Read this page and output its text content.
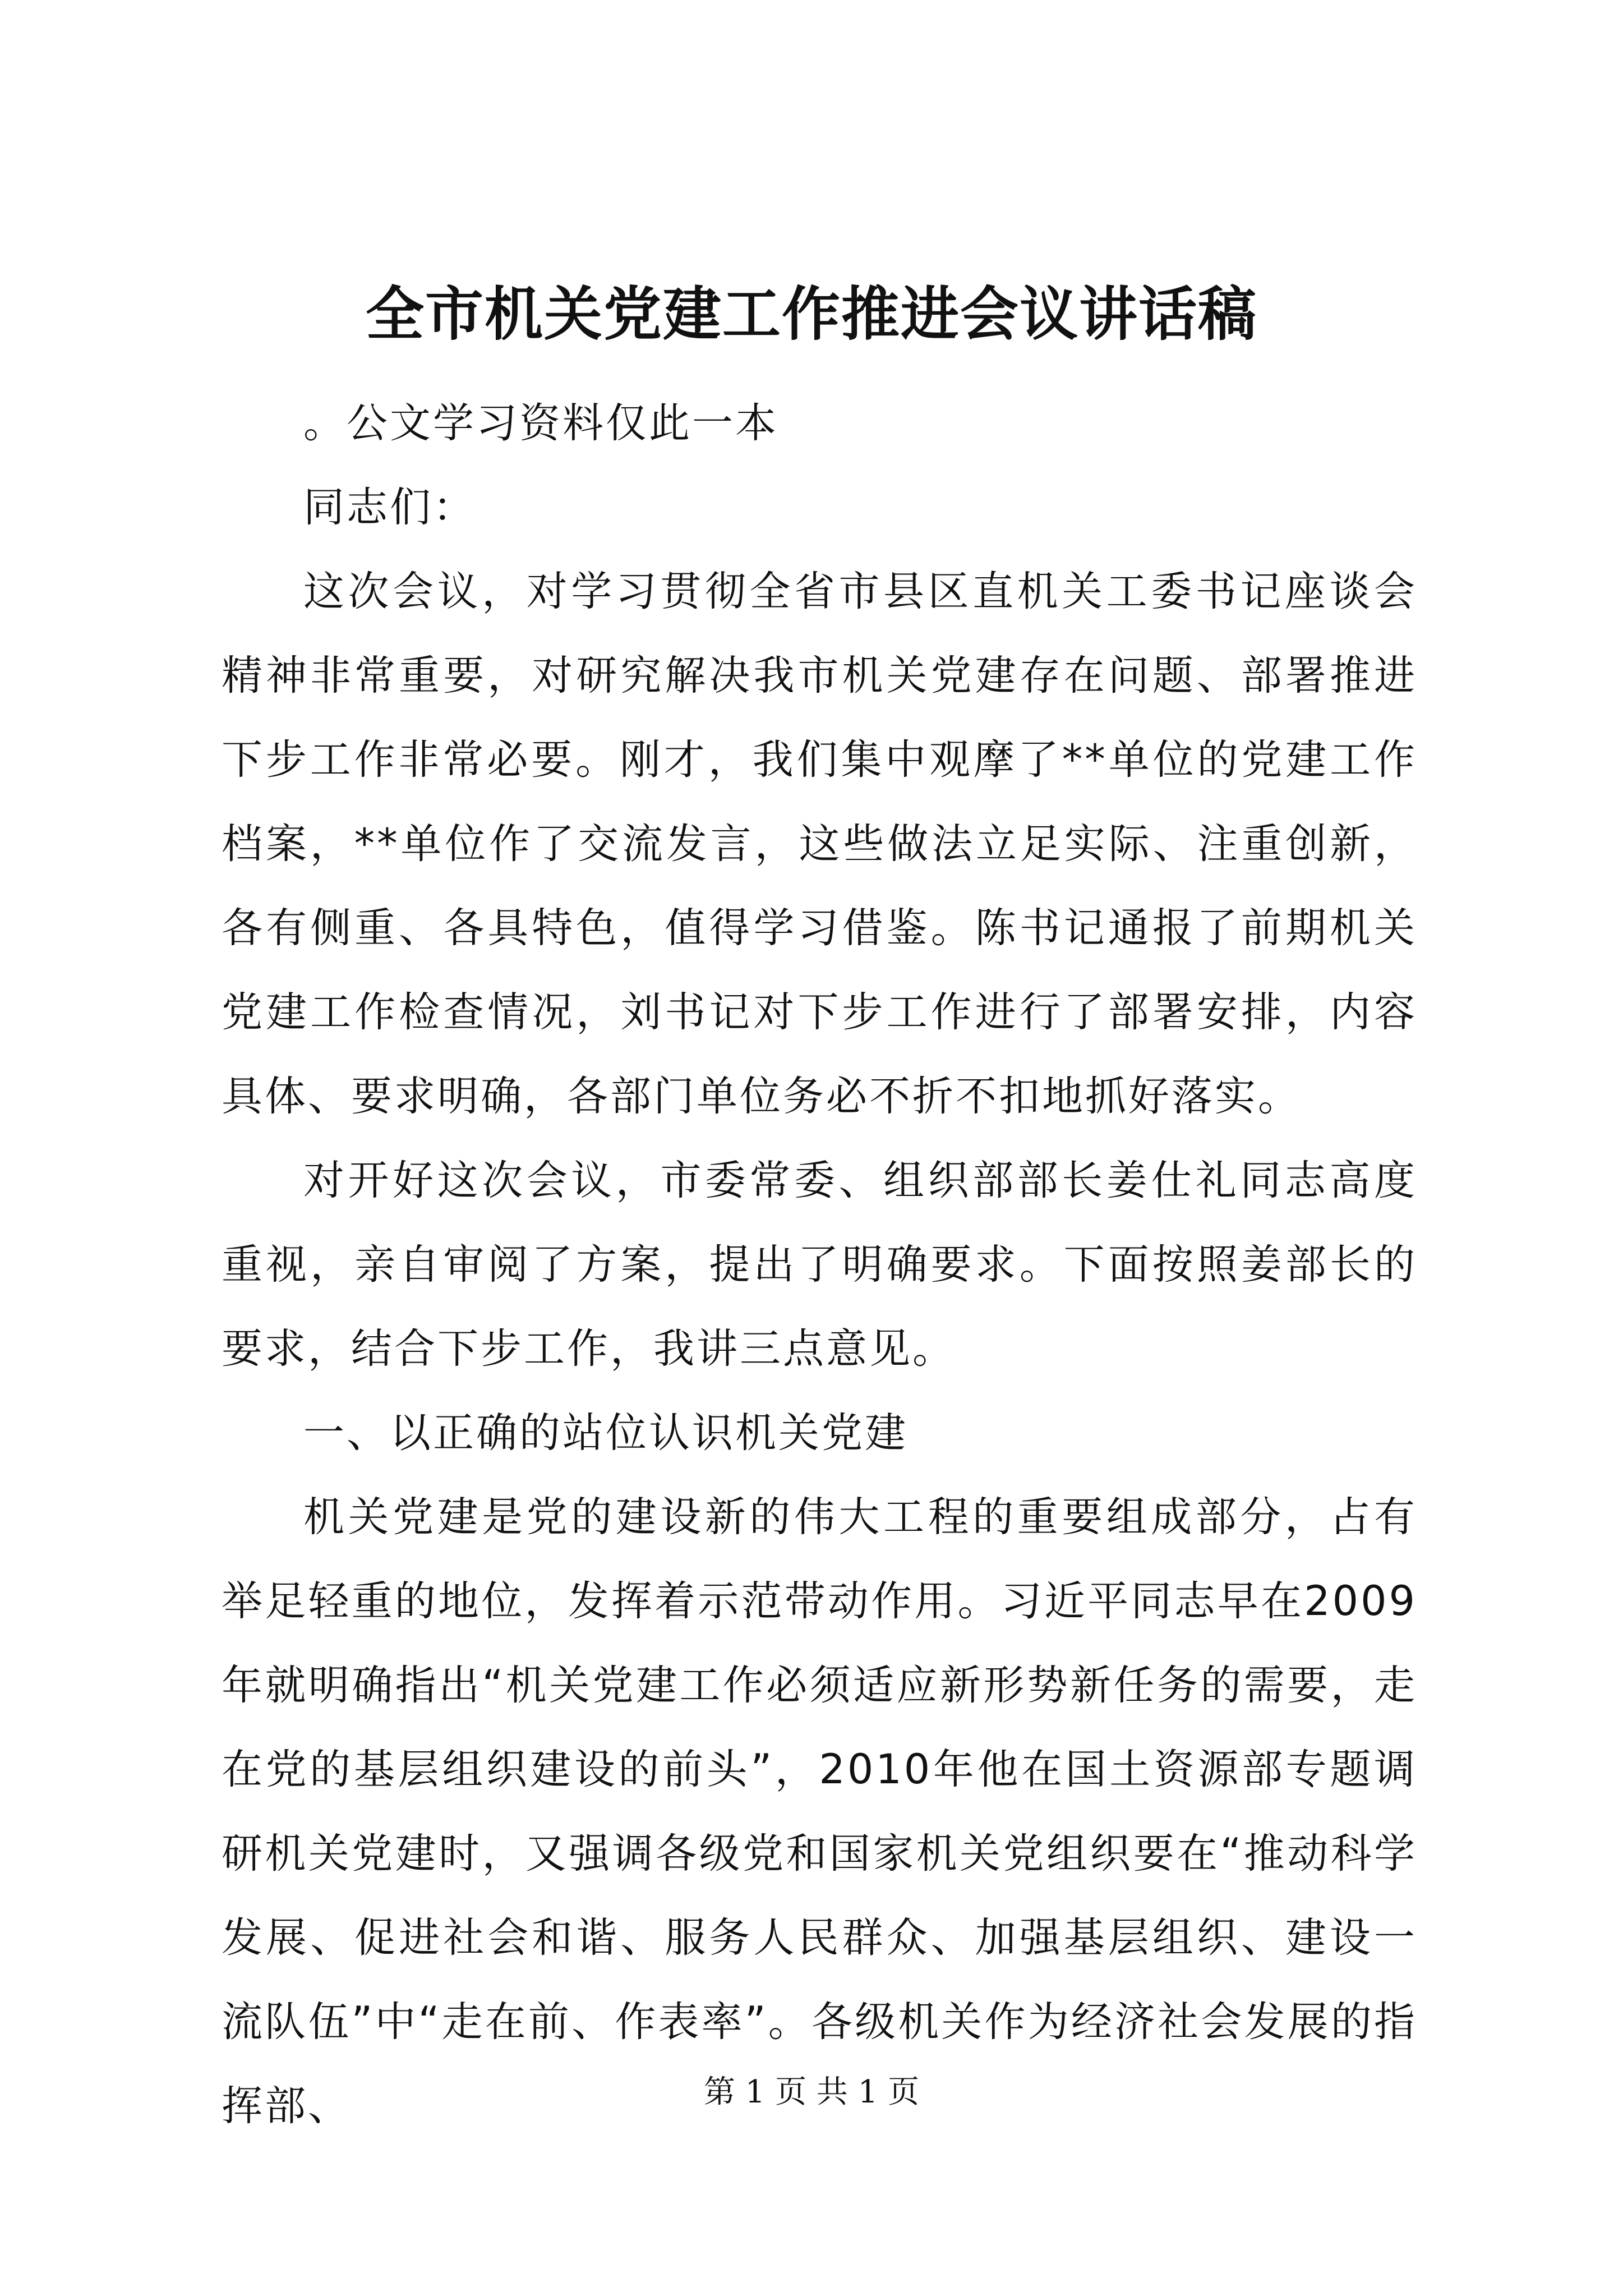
全市机关党建工作推进会议讲话稿

。公文学习资料仅此一本

同志们：

这次会议，对学习贯彻全省市县区直机关工委书记座谈会精神非常重要，对研究解决我市机关党建存在问题、部署推进下步工作非常必要。刚才，我们集中观摩了**单位的党建工作档案，**单位作了交流发言，这些做法立足实际、注重创新，各有侧重、各具特色，值得学习借鉴。陈书记通报了前期机关党建工作检查情况，刘书记对下步工作进行了部署安排，内容具体、要求明确，各部门单位务必不折不扣地抓好落实。

对开好这次会议，市委常委、组织部部长姜仕礼同志高度重视，亲自审阅了方案，提出了明确要求。下面按照姜部长的要求，结合下步工作，我讲三点意见。

一、以正确的站位认识机关党建

机关党建是党的建设新的伟大工程的重要组成部分，占有举足轻重的地位，发挥着示范带动作用。习近平同志早在2009年就明确指出“机关党建工作必须适应新形势新任务的需要，走在党的基层组织建设的前头”，2010年他在国土资源部专题调研机关党建时，又强调各级党和国家机关党组织要在“推动科学发展、促进社会和谐、服务人民群众、加强基层组织、建设一流队伍”中“走在前、作表率”。各级机关作为经济社会发展的指挥部、	第 1 页 共 1 页
